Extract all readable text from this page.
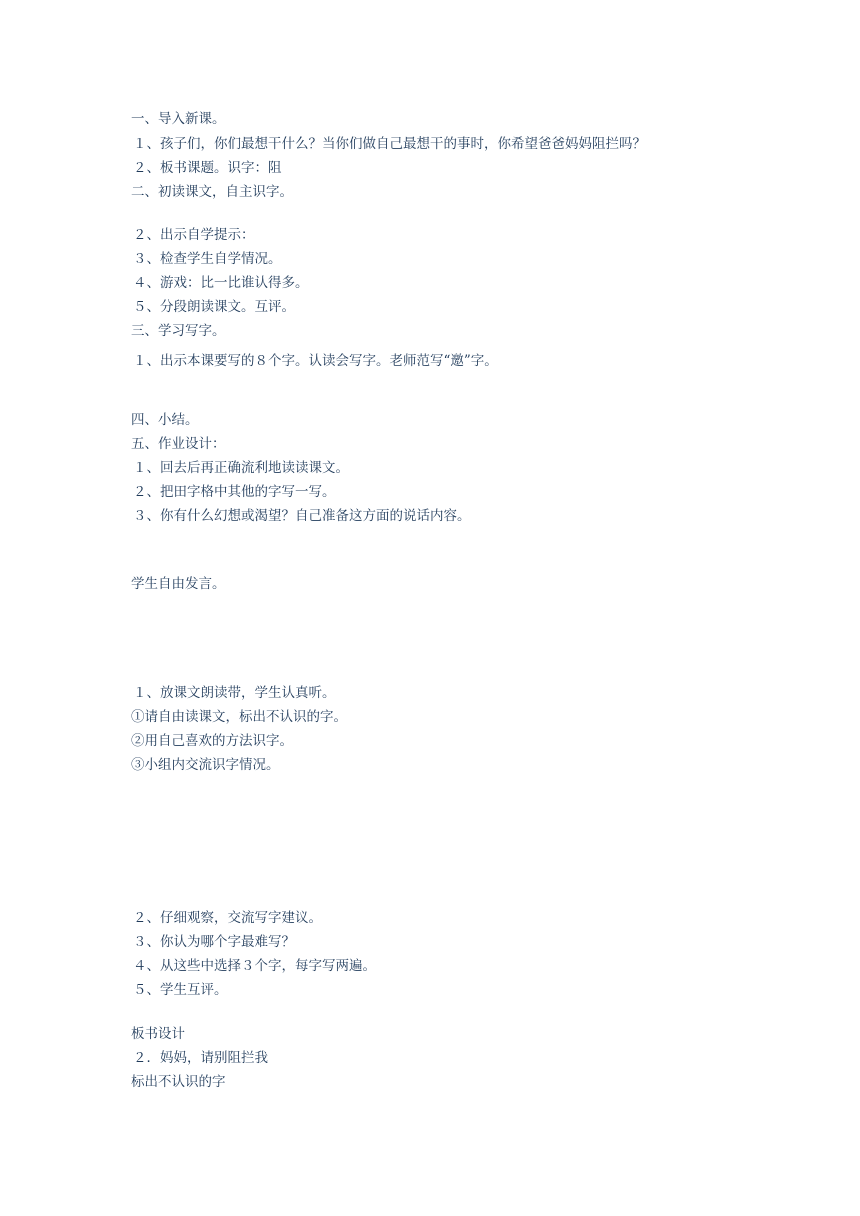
一、导入新课。

１、孩子们，你们最想干什么？当你们做自己最想干的事时，你希望爸爸妈妈阻拦吗？

２、板书课题。识字：阻

二、初读课文，自主识字。

２、出示自学提示：

３、检查学生自学情况。

４、游戏：比一比谁认得多。

５、分段朗读课文。互评。

三、学习写字。

１、出示本课要写的８个字。认读会写字。老师范写“邀”字。

四、小结。

五、作业设计：

１、回去后再正确流利地读读课文。

２、把田字格中其他的字写一写。

３、你有什么幻想或渴望？自己准备这方面的说话内容。

学生自由发言。

１、放课文朗读带，学生认真听。

①请自由读课文，标出不认识的字。

②用自己喜欢的方法识字。

③小组内交流识字情况。

２、仔细观察，交流写字建议。

３、你认为哪个字最难写？

４、从这些中选择３个字，每字写两遍。

５、学生互评。

板书设计

２．妈妈，请别阻拦我

标出不认识的字
